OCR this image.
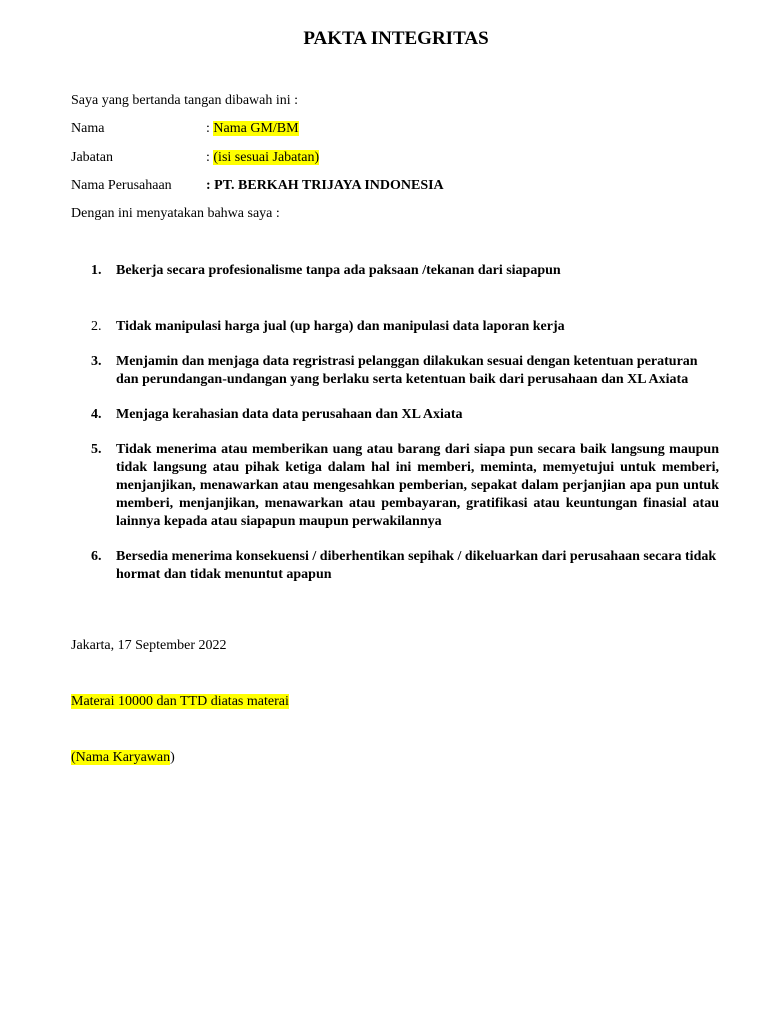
PAKTA INTEGRITAS
Saya yang bertanda tangan dibawah ini :
Nama	: Nama GM/BM
Jabatan	: (isi sesuai Jabatan)
Nama Perusahaan : PT. BERKAH TRIJAYA INDONESIA
Dengan ini menyatakan bahwa saya :
1.	Bekerja secara profesionalisme tanpa ada paksaan /tekanan dari siapapun
2.	Tidak manipulasi harga jual (up harga) dan manipulasi data laporan kerja
3.	Menjamin dan menjaga data regristrasi pelanggan dilakukan sesuai dengan ketentuan peraturan dan perundangan-undangan yang berlaku serta ketentuan baik dari perusahaan dan XL Axiata
4.	Menjaga kerahasian data data perusahaan dan XL Axiata
5.	Tidak menerima atau memberikan uang atau barang dari siapa pun secara baik langsung maupun tidak langsung atau pihak ketiga dalam hal ini memberi, meminta, memyetujui untuk memberi, menjanjikan, menawarkan atau mengesahkan pemberian, sepakat dalam perjanjian apa pun untuk memberi, menjanjikan, menawarkan atau pembayaran, gratifikasi atau keuntungan finasial atau lainnya kepada atau siapapun maupun perwakilannya
6.	Bersedia menerima konsekuensi / diberhentikan sepihak / dikeluarkan dari perusahaan secara tidak hormat dan tidak menuntut apapun
Jakarta, 17 September 2022
Materai 10000 dan TTD diatas materai
(Nama Karyawan)
